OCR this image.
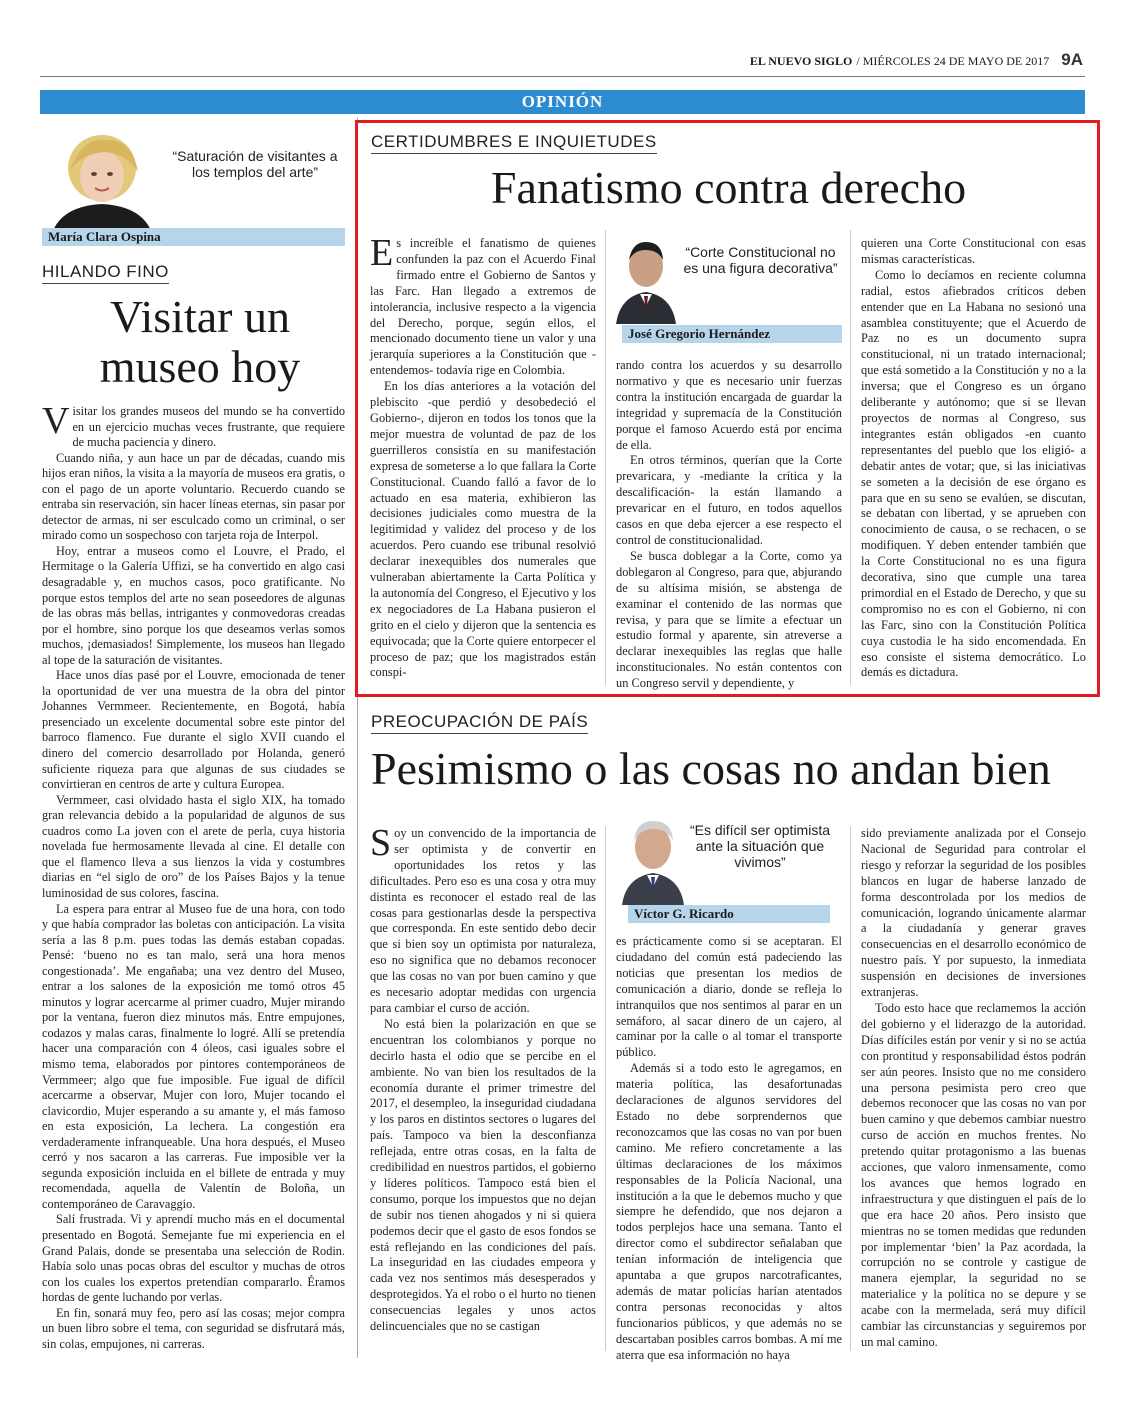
EL NUEVO SIGLO / MIÉRCOLES 24 DE MAYO DE 2017 9A
OPINIÓN
“Saturación de visitantes a los templos del arte”
María Clara Ospina
HILANDO FINO
Visitar un museo hoy

Visitar los grandes museos del mundo se ha convertido en un ejercicio muchas veces frustrante, que requiere de mucha paciencia y dinero.

Cuando niña, y aun hace un par de décadas, cuando mis hijos eran niños, la visita a la mayoría de museos era gratis, o con el pago de un aporte voluntario. Recuerdo cuando se entraba sin reservación, sin hacer líneas eternas, sin pasar por detector de armas, ni ser esculcado como un criminal, o ser mirado como un sospechoso con tarjeta roja de Interpol.

Hoy, entrar a museos como el Louvre, el Prado, el Hermitage o la Galería Uffizi, se ha convertido en algo casi desagradable y, en muchos casos, poco gratificante. No porque estos templos del arte no sean poseedores de algunas de las obras más bellas, intrigantes y conmovedoras creadas por el hombre, sino porque los que deseamos verlas somos muchos, ¡demasiados! Simplemente, los museos han llegado al tope de la saturación de visitantes.

Hace unos días pasé por el Louvre, emocionada de tener la oportunidad de ver una muestra de la obra del pintor Johannes Vermmeer. Recientemente, en Bogotá, había presenciado un excelente documental sobre este pintor del barroco flamenco. Fue durante el siglo XVII cuando el dinero del comercio desarrollado por Holanda, generó suficiente riqueza para que algunas de sus ciudades se convirtieran en centros de arte y cultura Europea.

Vermmeer, casi olvidado hasta el siglo XIX, ha tomado gran relevancia debido a la popularidad de algunos de sus cuadros como La joven con el arete de perla, cuya historia novelada fue hermosamente llevada al cine. El detalle con que el flamenco lleva a sus lienzos la vida y costumbres diarias en “el siglo de oro” de los Países Bajos y la tenue luminosidad de sus colores, fascina.

La espera para entrar al Museo fue de una hora, con todo y que había comprador las boletas con anticipación. La visita sería a las 8 p.m. pues todas las demás estaban copadas. Pensé: ‘bueno no es tan malo, será una hora menos congestionada’. Me engañaba; una vez dentro del Museo, entrar a los salones de la exposición me tomó otros 45 minutos y lograr acercarme al primer cuadro, Mujer mirando por la ventana, fueron diez minutos más. Entre empujones, codazos y malas caras, finalmente lo logré. Allí se pretendía hacer una comparación con 4 óleos, casi iguales sobre el mismo tema, elaborados por pintores contemporáneos de Vermmeer; algo que fue imposible. Fue igual de difícil acercarme a observar, Mujer con loro, Mujer tocando el clavicordio, Mujer esperando a su amante y, el más famoso en esta exposición, La lechera. La congestión era verdaderamente infranqueable. Una hora después, el Museo cerró y nos sacaron a las carreras. Fue imposible ver la segunda exposición incluida en el billete de entrada y muy recomendada, aquella de Valentín de Boloña, un contemporáneo de Caravaggio.

Salí frustrada. Vi y aprendí mucho más en el documental presentado en Bogotá. Semejante fue mi experiencia en el Grand Palais, donde se presentaba una selección de Rodin. Había solo unas pocas obras del escultor y muchas de otros con los cuales los expertos pretendían compararlo. Éramos hordas de gente luchando por verlas.

En fin, sonará muy feo, pero así las cosas; mejor compra un buen libro sobre el tema, con seguridad se disfrutará más, sin colas, empujones, ni carreras.

CERTIDUMBRES E INQUIETUDES
Fanatismo contra derecho

Es increíble el fanatismo de quienes confunden la paz con el Acuerdo Final firmado entre el Gobierno de Santos y las Farc. Han llegado a extremos de intolerancia, inclusive respecto a la vigencia del Derecho, porque, según ellos, el mencionado documento tiene un valor y una jerarquía superiores a la Constitución que -entendemos- todavía rige en Colombia.

En los días anteriores a la votación del plebiscito -que perdió y desobedeció el Gobierno-, dijeron en todos los tonos que la mejor muestra de voluntad de paz de los guerrilleros consistía en su manifestación expresa de someterse a lo que fallara la Corte Constitucional. Cuando falló a favor de lo actuado en esa materia, exhibieron las decisiones judiciales como muestra de la legitimidad y validez del proceso y de los acuerdos. Pero cuando ese tribunal resolvió declarar inexequibles dos numerales que vulneraban abiertamente la Carta Política y la autonomía del Congreso, el Ejecutivo y los ex negociadores de La Habana pusieron el grito en el cielo y dijeron que la sentencia es equivocada; que la Corte quiere entorpecer el proceso de paz; que los magistrados están conspi-

“Corte Constitucional no es una figura decorativa”
José Gregorio Hernández

rando contra los acuerdos y su desarrollo normativo y que es necesario unir fuerzas contra la institución encargada de guardar la integridad y supremacía de la Constitución porque el famoso Acuerdo está por encima de ella.

En otros términos, querían que la Corte prevaricara, y -mediante la crítica y la descalificación- la están llamando a prevaricar en el futuro, en todos aquellos casos en que deba ejercer a ese respecto el control de constitucionalidad.

Se busca doblegar a la Corte, como ya doblegaron al Congreso, para que, abjurando de su altísima misión, se abstenga de examinar el contenido de las normas que revisa, y para que se limite a efectuar un estudio formal y aparente, sin atreverse a declarar inexequibles las reglas que halle inconstitucionales. No están contentos con un Congreso servil y dependiente, y

quieren una Corte Constitucional con esas mismas características.

Como lo decíamos en reciente columna radial, estos afiebrados críticos deben entender que en La Habana no sesionó una asamblea constituyente; que el Acuerdo de Paz no es un documento supra constitucional, ni un tratado internacional; que está sometido a la Constitución y no a la inversa; que el Congreso es un órgano deliberante y autónomo; que si se llevan proyectos de normas al Congreso, sus integrantes están obligados -en cuanto representantes del pueblo que los eligió- a debatir antes de votar; que, si las iniciativas se someten a la decisión de ese órgano es para que en su seno se evalúen, se discutan, se debatan con libertad, y se aprueben con conocimiento de causa, o se rechacen, o se modifiquen. Y deben entender también que la Corte Constitucional no es una figura decorativa, sino que cumple una tarea primordial en el Estado de Derecho, y que su compromiso no es con el Gobierno, ni con las Farc, sino con la Constitución Política cuya custodia le ha sido encomendada. En eso consiste el sistema democrático. Lo demás es dictadura.

PREOCUPACIÓN DE PAÍS
Pesimismo o las cosas no andan bien

Soy un convencido de la importancia de ser optimista y de convertir en oportunidades los retos y las dificultades. Pero eso es una cosa y otra muy distinta es reconocer el estado real de las cosas para gestionarlas desde la perspectiva que corresponda. En este sentido debo decir que si bien soy un optimista por naturaleza, eso no significa que no debamos reconocer que las cosas no van por buen camino y que es necesario adoptar medidas con urgencia para cambiar el curso de acción.

No está bien la polarización en que se encuentran los colombianos y porque no decirlo hasta el odio que se percibe en el ambiente. No van bien los resultados de la economía durante el primer trimestre del 2017, el desempleo, la inseguridad ciudadana y los paros en distintos sectores o lugares del país. Tampoco va bien la desconfianza reflejada, entre otras cosas, en la falta de credibilidad en nuestros partidos, el gobierno y líderes políticos. Tampoco está bien el consumo, porque los impuestos que no dejan de subir nos tienen ahogados y ni si quiera podemos decir que el gasto de esos fondos se está reflejando en las condiciones del país. La inseguridad en las ciudades empeora y cada vez nos sentimos más desesperados y desprotegidos. Ya el robo o el hurto no tienen consecuencias legales y unos actos delincuenciales que no se castigan

“Es difícil ser optimista ante la situación que vivimos”
Víctor G. Ricardo

es prácticamente como si se aceptaran. El ciudadano del común está padeciendo las noticias que presentan los medios de comunicación a diario, donde se refleja lo intranquilos que nos sentimos al parar en un semáforo, al sacar dinero de un cajero, al caminar por la calle o al tomar el transporte público.

Además si a todo esto le agregamos, en materia política, las desafortunadas declaraciones de algunos servidores del Estado no debe sorprendernos que reconozcamos que las cosas no van por buen camino. Me refiero concretamente a las últimas declaraciones de los máximos responsables de la Policía Nacional, una institución a la que le debemos mucho y que siempre he defendido, que nos dejaron a todos perplejos hace una semana. Tanto el director como el subdirector señalaban que tenían información de inteligencia que apuntaba a que grupos narcotraficantes, además de matar policías harían atentados contra personas reconocidas y altos funcionarios públicos, y que además no se descartaban posibles carros bombas. A mí me aterra que esa información no haya

sido previamente analizada por el Consejo Nacional de Seguridad para controlar el riesgo y reforzar la seguridad de los posibles blancos en lugar de haberse lanzado de forma descontrolada por los medios de comunicación, logrando únicamente alarmar a la ciudadanía y generar graves consecuencias en el desarrollo económico de nuestro país. Y por supuesto, la inmediata suspensión en decisiones de inversiones extranjeras.

Todo esto hace que reclamemos la acción del gobierno y el liderazgo de la autoridad. Días difíciles están por venir y si no se actúa con prontitud y responsabilidad éstos podrán ser aún peores. Insisto que no me considero una persona pesimista pero creo que debemos reconocer que las cosas no van por buen camino y que debemos cambiar nuestro curso de acción en muchos frentes. No pretendo quitar protagonismo a las buenas acciones, que valoro inmensamente, como los avances que hemos logrado en infraestructura y que distinguen el país de lo que era hace 20 años. Pero insisto que mientras no se tomen medidas que redunden por implementar ‘bien’ la Paz acordada, la corrupción no se controle y castigue de manera ejemplar, la seguridad no se materialice y la política no se depure y se acabe con la mermelada, será muy difícil cambiar las circunstancias y seguiremos por un mal camino.
